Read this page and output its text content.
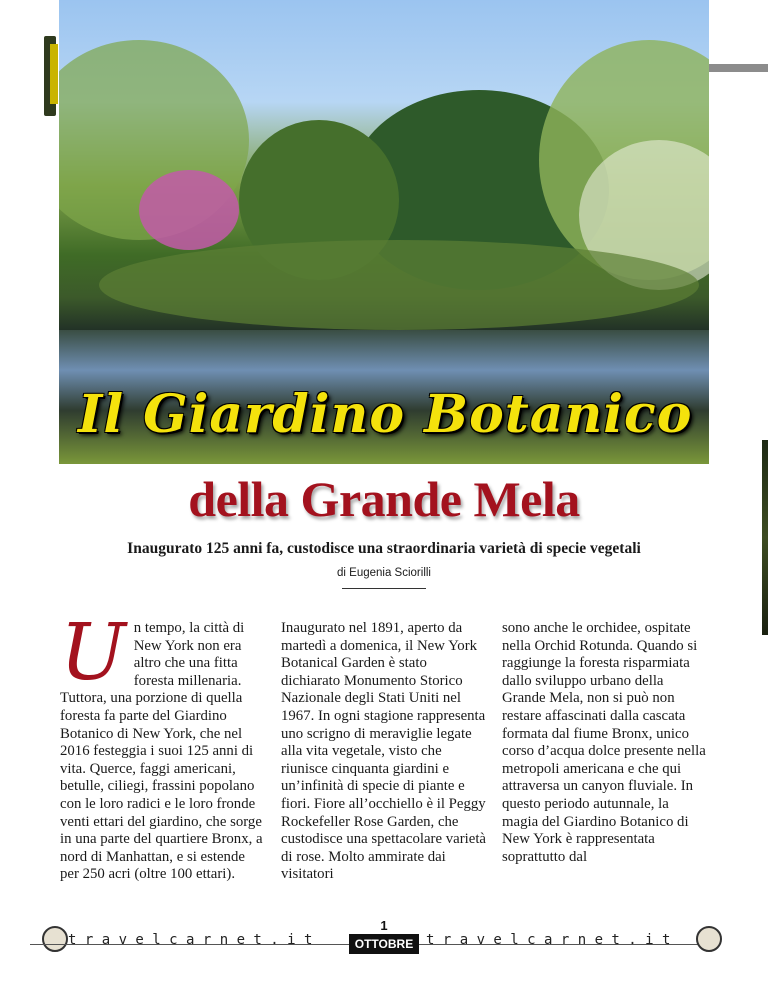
Il Giardino Botanico
della Grande Mela
Inaugurato 125 anni fa, custodisce una straordinaria varietà di specie vegetali
di Eugenia Sciorilli
U n tempo, la città di New York non era altro che una fitta foresta millenaria. Tuttora, una porzione di quella foresta fa parte del Giardino Botanico di New York, che nel 2016 festeggia i suoi 125 anni di vita. Querce, faggi americani, betulle, ciliegi, frassini popolano con le loro radici e le loro fronde venti ettari del giardino, che sorge in una parte del quartiere Bronx, a nord di Manhattan, e si estende per 250 acri (oltre 100 ettari).

Inaugurato nel 1891, aperto da martedì a domenica, il New York Botanical Garden è stato dichiarato Monumento Storico Nazionale degli Stati Uniti nel 1967. In ogni stagione rappresenta uno scrigno di meraviglie legate alla vita vegetale, visto che riunisce cinquanta giardini e un’infinità di specie di piante e fiori. Fiore all’occhiello è il Peggy Rockefeller Rose Garden, che custodisce una spettacolare varietà di rose. Molto ammirate dai visitatori

sono anche le orchidee, ospitate nella Orchid Rotunda. Quando si raggiunge la foresta risparmiata dallo sviluppo urbano della Grande Mela, non si può non restare affascinati dalla cascata formata dal fiume Bronx, unico corso d’acqua dolce presente nella metropoli americana e che qui attraversa un canyon fluviale. In questo periodo autunnale, la magia del Giardino Botanico di New York è rappresentata soprattutto dal

t r a v e l c a r n e t . i t
1
OTTOBRE t r a v e l c a r n e t . i t
